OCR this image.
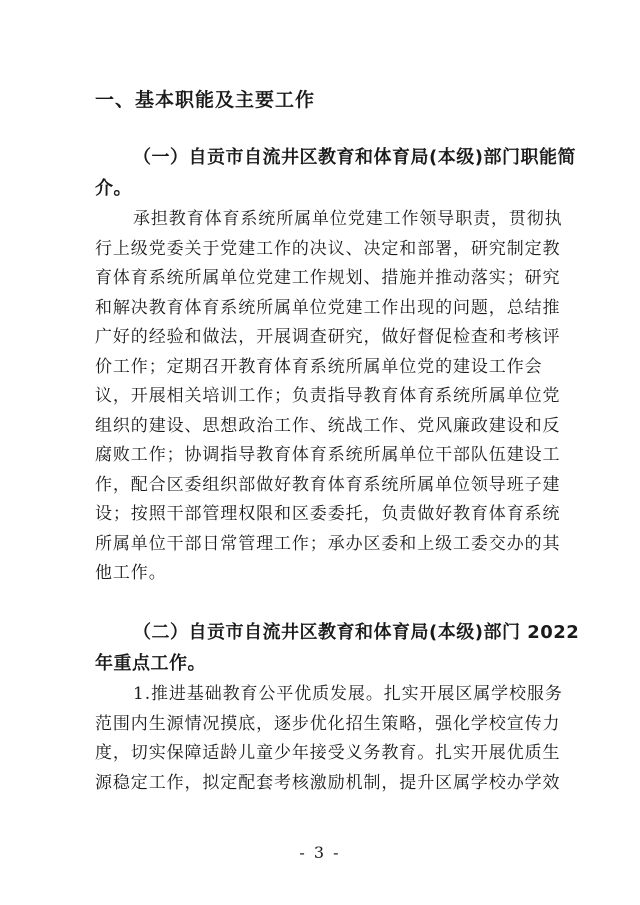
一、基本职能及主要工作
（一）自贡市自流井区教育和体育局(本级)部门职能简
介。
承担教育体育系统所属单位党建工作领导职责，贯彻执
行上级党委关于党建工作的决议、决定和部署，研究制定教
育体育系统所属单位党建工作规划、措施并推动落实；研究
和解决教育体育系统所属单位党建工作出现的问题，总结推
广好的经验和做法，开展调查研究，做好督促检查和考核评
价工作；定期召开教育体育系统所属单位党的建设工作会
议，开展相关培训工作；负责指导教育体育系统所属单位党
组织的建设、思想政治工作、统战工作、党风廉政建设和反
腐败工作；协调指导教育体育系统所属单位干部队伍建设工
作，配合区委组织部做好教育体育系统所属单位领导班子建
设；按照干部管理权限和区委委托，负责做好教育体育系统
所属单位干部日常管理工作；承办区委和上级工委交办的其
他工作。
（二）自贡市自流井区教育和体育局(本级)部门 2022
年重点工作。
1.推进基础教育公平优质发展。扎实开展区属学校服务
范围内生源情况摸底，逐步优化招生策略，强化学校宣传力
度，切实保障适龄儿童少年接受义务教育。扎实开展优质生
源稳定工作，拟定配套考核激励机制，提升区属学校办学效
- 3 -
